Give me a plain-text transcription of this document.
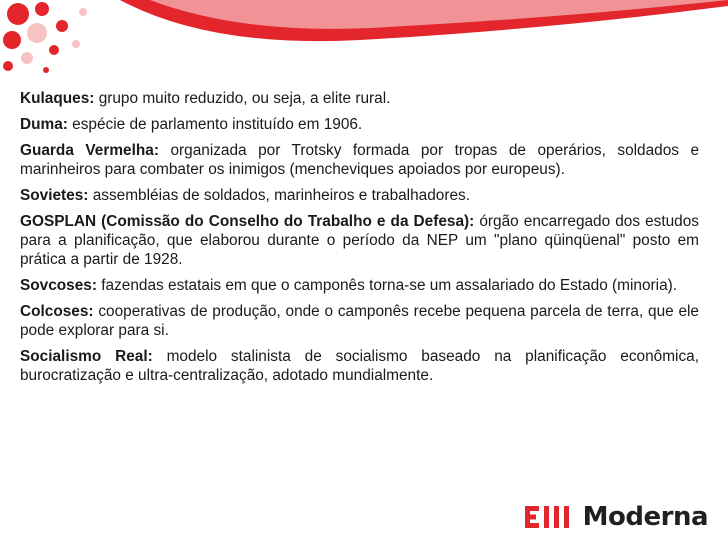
Kulaques: grupo muito reduzido, ou seja, a elite rural.

Duma: espécie de parlamento instituído em 1906.

Guarda Vermelha: organizada por Trotsky formada por tropas de operários, soldados e marinheiros para combater os inimigos (mencheviques apoiados por europeus).

Sovietes: assembléias de soldados, marinheiros e trabalhadores.

GOSPLAN (Comissão do Conselho do Trabalho e da Defesa): órgão encarregado dos estudos para a planificação, que elaborou durante o período da NEP um "plano qüinqüenal" posto em prática a partir de 1928.

Sovcoses: fazendas estatais em que o camponês torna-se um assalariado do Estado (minoria).

Colcoses: cooperativas de produção, onde o camponês recebe pequena parcela de terra, que ele pode explorar para si.

Socialismo Real: modelo stalinista de socialismo baseado na planificação econômica, burocratização e ultra-centralização, adotado mundialmente.

Moderna
